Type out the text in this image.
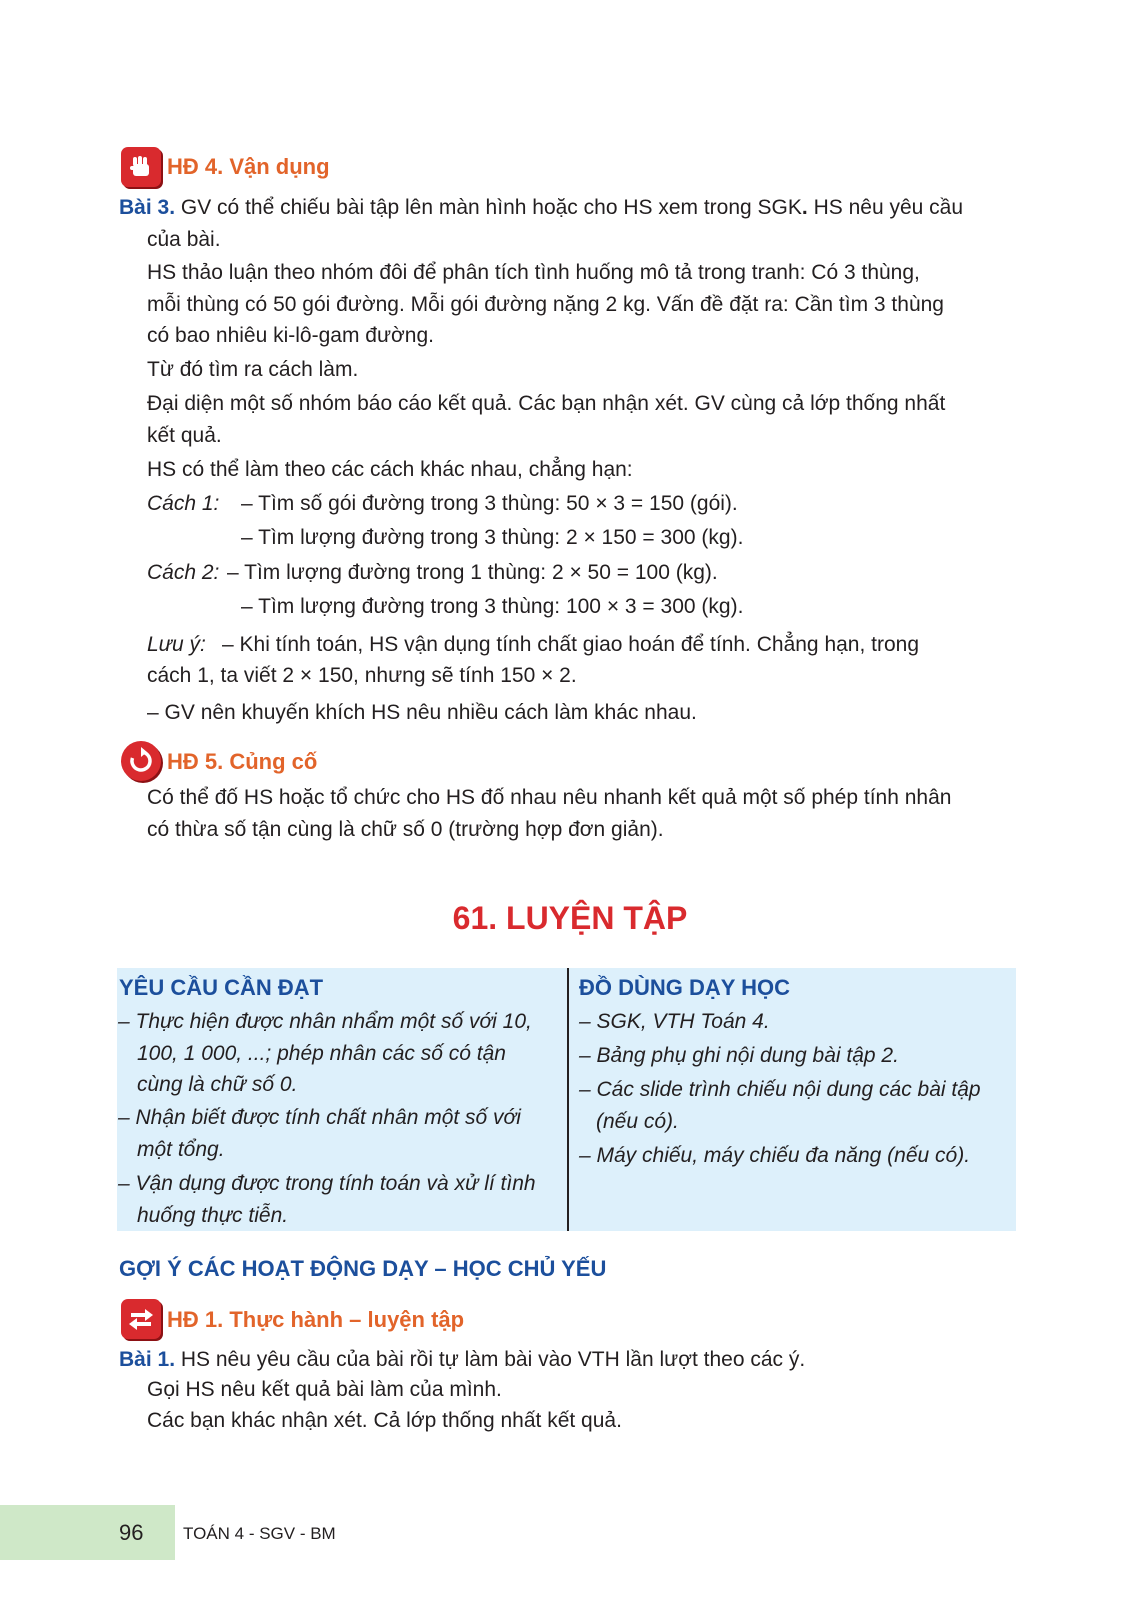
HĐ 4. Vận dụng
Bài 3. GV có thể chiếu bài tập lên màn hình hoặc cho HS xem trong SGK. HS nêu yêu cầu
của bài.
HS thảo luận theo nhóm đôi để phân tích tình huống mô tả trong tranh: Có 3 thùng,
mỗi thùng có 50 gói đường. Mỗi gói đường nặng 2 kg. Vấn đề đặt ra: Cần tìm 3 thùng
có bao nhiêu ki-lô-gam đường.
Từ đó tìm ra cách làm.
Đại diện một số nhóm báo cáo kết quả. Các bạn nhận xét. GV cùng cả lớp thống nhất
kết quả.
HS có thể làm theo các cách khác nhau, chẳng hạn:
Cách 1: – Tìm số gói đường trong 3 thùng: 50 × 3 = 150 (gói).
– Tìm lượng đường trong 3 thùng: 2 × 150 = 300 (kg).
Cách 2: – Tìm lượng đường trong 1 thùng: 2 × 50 = 100 (kg).
– Tìm lượng đường trong 3 thùng: 100 × 3 = 300 (kg).
Lưu ý: – Khi tính toán, HS vận dụng tính chất giao hoán để tính. Chẳng hạn, trong
cách 1, ta viết 2 × 150, nhưng sẽ tính 150 × 2.
– GV nên khuyến khích HS nêu nhiều cách làm khác nhau.
HĐ 5. Củng cố
Có thể đố HS hoặc tổ chức cho HS đố nhau nêu nhanh kết quả một số phép tính nhân
có thừa số tận cùng là chữ số 0 (trường hợp đơn giản).
61. LUYỆN TẬP
YÊU CẦU CẦN ĐẠT
– Thực hiện được nhân nhẩm một số với 10,
100, 1 000, ...; phép nhân các số có tận
cùng là chữ số 0.
– Nhận biết được tính chất nhân một số với
một tổng.
– Vận dụng được trong tính toán và xử lí tình
huống thực tiễn.
ĐỒ DÙNG DẠY HỌC
– SGK, VTH Toán 4.
– Bảng phụ ghi nội dung bài tập 2.
– Các slide trình chiếu nội dung các bài tập
(nếu có).
– Máy chiếu, máy chiếu đa năng (nếu có).
GỢI Ý CÁC HOẠT ĐỘNG DẠY – HỌC CHỦ YẾU
HĐ 1. Thực hành – luyện tập
Bài 1. HS nêu yêu cầu của bài rồi tự làm bài vào VTH lần lượt theo các ý.
Gọi HS nêu kết quả bài làm của mình.
Các bạn khác nhận xét. Cả lớp thống nhất kết quả.
96 TOÁN 4 - SGV - BM
